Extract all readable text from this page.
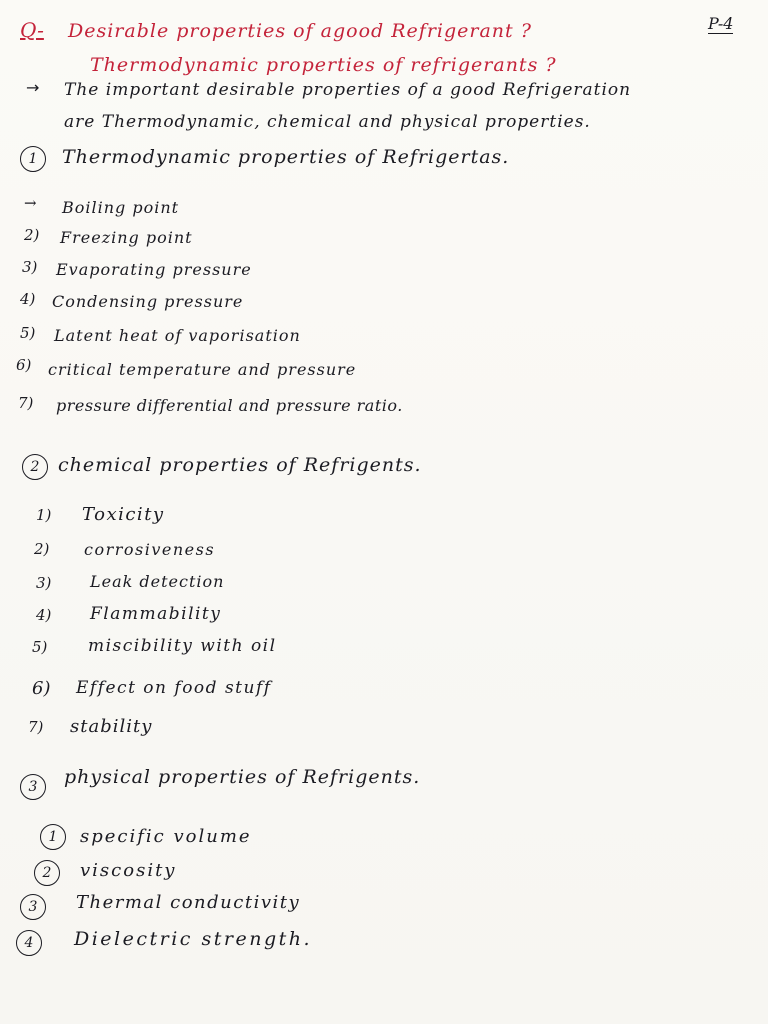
Q- Desirable properties of agood Refrigerant ?	P-4
Thermodynamic properties of refrigerants ?
→ The important desirable properties of a good Refrigeration
are Thermodynamic, chemical and physical properties.
1	Thermodynamic properties of Refrigertas.
→ Boiling point
2) Freezing point
3) Evaporating pressure
4) Condensing pressure
5) Latent heat of vaporisation
6) critical temperature and pressure
7) pressure differential and pressure ratio.
2 chemical properties of Refrigents.
1) Toxicity
2) corrosiveness
3) Leak detection
4) Flammability
5) miscibility with oil
6) Effect on food stuff
7) stability
3	physical properties of Refrigents.
1	specific volume
2	viscosity
3	Thermal conductivity
4	Dielectric strength.
